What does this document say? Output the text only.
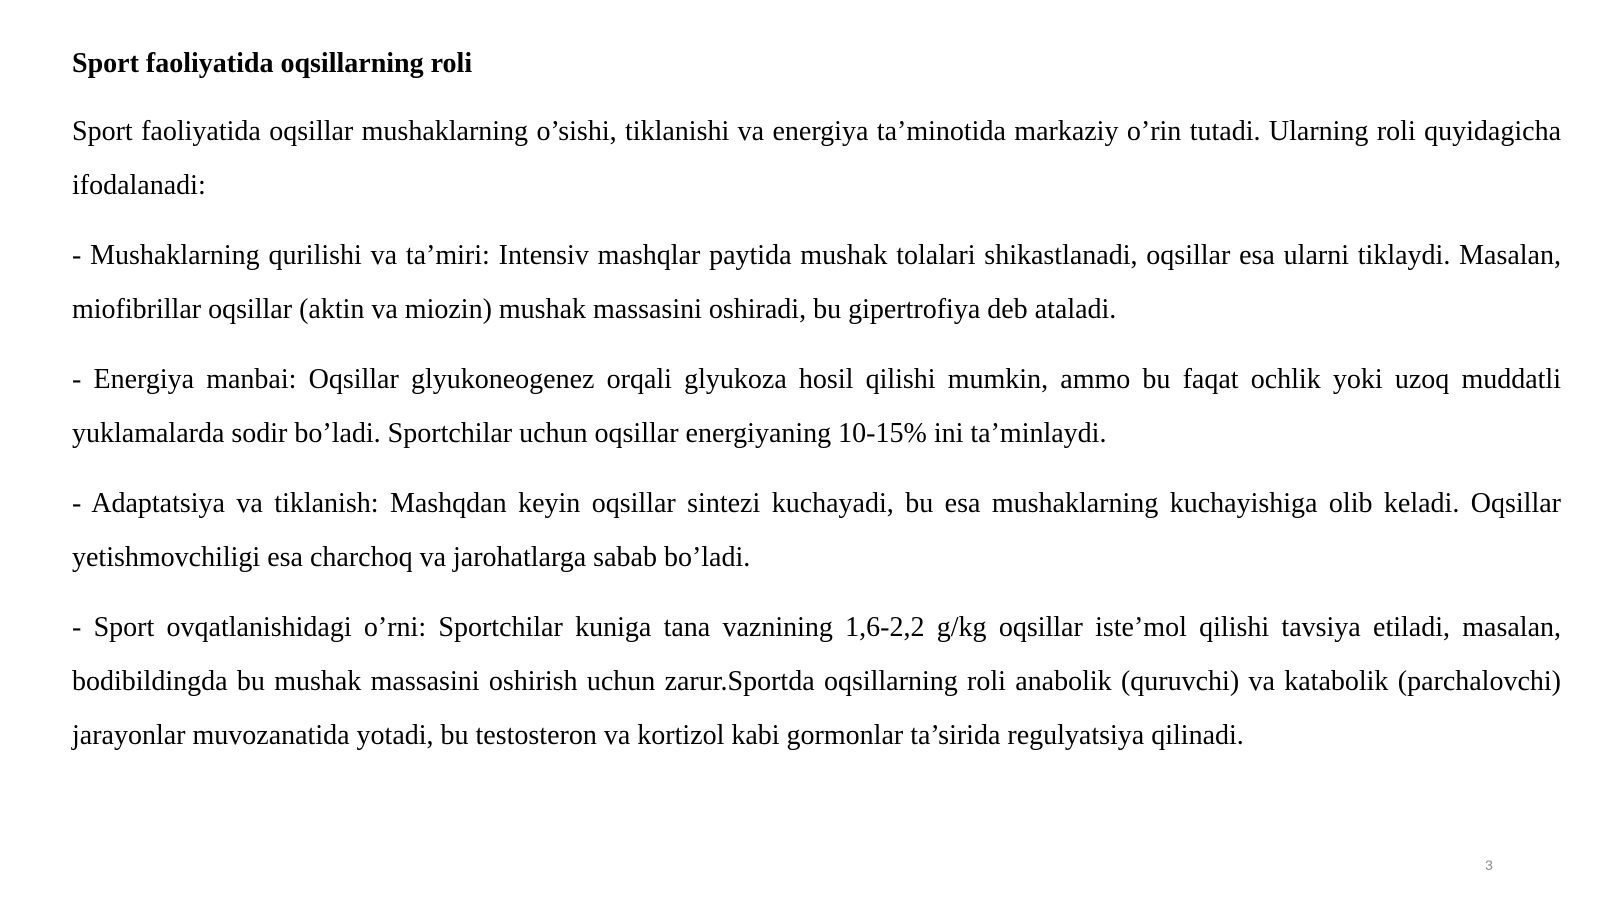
Sport faoliyatida oqsillarning roli

Sport faoliyatida oqsillar mushaklarning o’sishi, tiklanishi va energiya ta’minotida markaziy o’rin tutadi. Ularning roli quyidagicha ifodalanadi:

- Mushaklarning qurilishi va ta’miri: Intensiv mashqlar paytida mushak tolalari shikastlanadi, oqsillar esa ularni tiklaydi. Masalan, miofibrillar oqsillar (aktin va miozin) mushak massasini oshiradi, bu gipertrofiya deb ataladi.

- Energiya manbai: Oqsillar glyukoneogenez orqali glyukoza hosil qilishi mumkin, ammo bu faqat ochlik yoki uzoq muddatli yuklamalarda sodir bo’ladi. Sportchilar uchun oqsillar energiyaning 10-15% ini ta’minlaydi.

- Adaptatsiya va tiklanish: Mashqdan keyin oqsillar sintezi kuchayadi, bu esa mushaklarning kuchayishiga olib keladi. Oqsillar yetishmovchiligi esa charchoq va jarohatlarga sabab bo’ladi.

- Sport ovqatlanishidagi o’rni: Sportchilar kuniga tana vaznining 1,6-2,2 g/kg oqsillar iste’mol qilishi tavsiya etiladi, masalan, bodibildingda bu mushak massasini oshirish uchun zarur.Sportda oqsillarning roli anabolik (quruvchi) va katabolik (parchalovchi) jarayonlar muvozanatida yotadi, bu testosteron va kortizol kabi gormonlar ta’sirida regulyatsiya qilinadi.

3
